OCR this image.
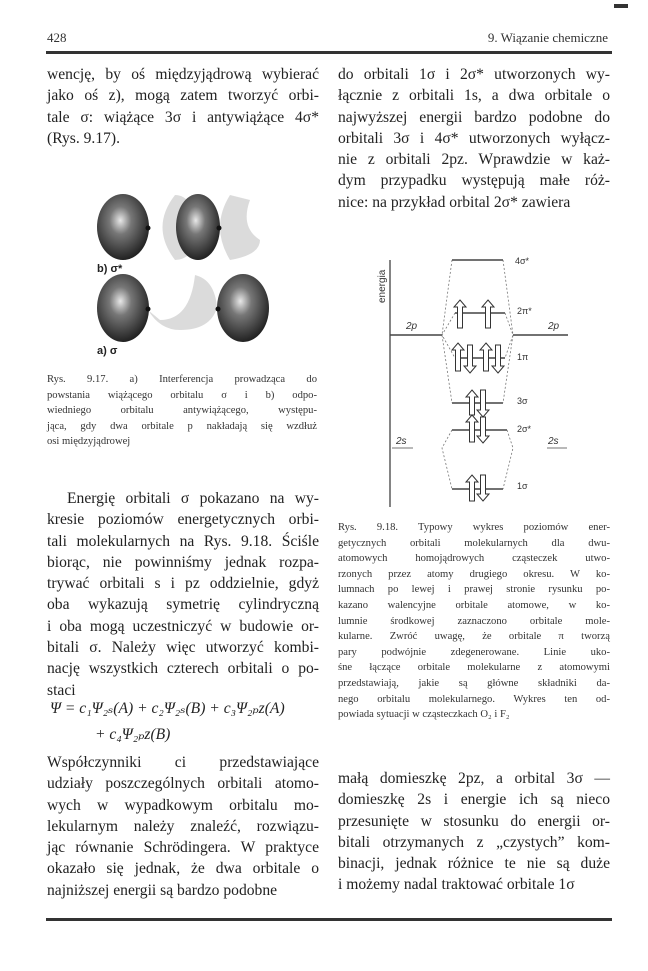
428	9. Wiązanie chemiczne
wencję, by oś międzyjądrową wybierać
jako oś z), mogą zatem tworzyć orbi-
tale σ: wiążące 3σ i antywiążące 4σ*
(Rys. 9.17).
b) σ*
a) σ
Rys. 9.17. a) Interferencja prowadząca do
powstania wiążącego orbitalu σ i b) odpo-
wiedniego orbitalu antywiążącego, występu-
jąca, gdy dwa orbitale p nakładają się wzdłuż
osi międzyjądrowej
Energię orbitali σ pokazano na wy-
kresie poziomów energetycznych orbi-
tali molekularnych na Rys. 9.18. Ściśle
biorąc, nie powinniśmy jednak rozpa-
trywać orbitali s i pz oddzielnie, gdyż
oba wykazują symetrię cylindryczną
i oba mogą uczestniczyć w budowie or-
bitali σ. Należy więc utworzyć kombi-
nację wszystkich czterech orbitali o po-
staci
Ψ = c₁Ψ₂ₛ(A) + c₂Ψ₂ₛ(B) + c₃Ψ₂ₚz(A)
+ c₄Ψ₂ₚz(B)
Współczynniki ci przedstawiające
udziały poszczególnych orbitali atomo-
wych w wypadkowym orbitalu mo-
lekularnym należy znaleźć, rozwiązu-
jąc równanie Schrödingera. W praktyce
okazało się jednak, że dwa orbitale o
najniższej energii są bardzo podobne
do orbitali 1σ i 2σ* utworzonych wy-
łącznie z orbitali 1s, a dwa orbitale o
najwyższej energii bardzo podobne do
orbitali 3σ i 4σ* utworzonych wyłącz-
nie z orbitali 2pz. Wprawdzie w każ-
dym przypadku występują małe róż-
nice: na przykład orbital 2σ* zawiera
energia
2p
2s
2p
2s
4σ*
2π*
1π
3σ
2σ*
1σ
Rys. 9.18. Typowy wykres poziomów ener-
getycznych orbitali molekularnych dla dwu-
atomowych homojądrowych cząsteczek utwo-
rzonych przez atomy drugiego okresu. W ko-
lumnach po lewej i prawej stronie rysunku po-
kazano walencyjne orbitale atomowe, w ko-
lumnie środkowej zaznaczono orbitale mole-
kularne. Zwróć uwagę, że orbitale π tworzą
pary podwójnie zdegenerowane. Linie uko-
śne łączące orbitale molekularne z atomowymi
przedstawiają, jakie są główne składniki da-
nego orbitalu molekularnego. Wykres ten od-
powiada sytuacji w cząsteczkach O₂ i F₂
małą domieszkę 2pz, a orbital 3σ —
domieszkę 2s i energie ich są nieco
przesunięte w stosunku do energii or-
bitali otrzymanych z „czystych” kom-
binacji, jednak różnice te nie są duże
i możemy nadal traktować orbitale 1σ
